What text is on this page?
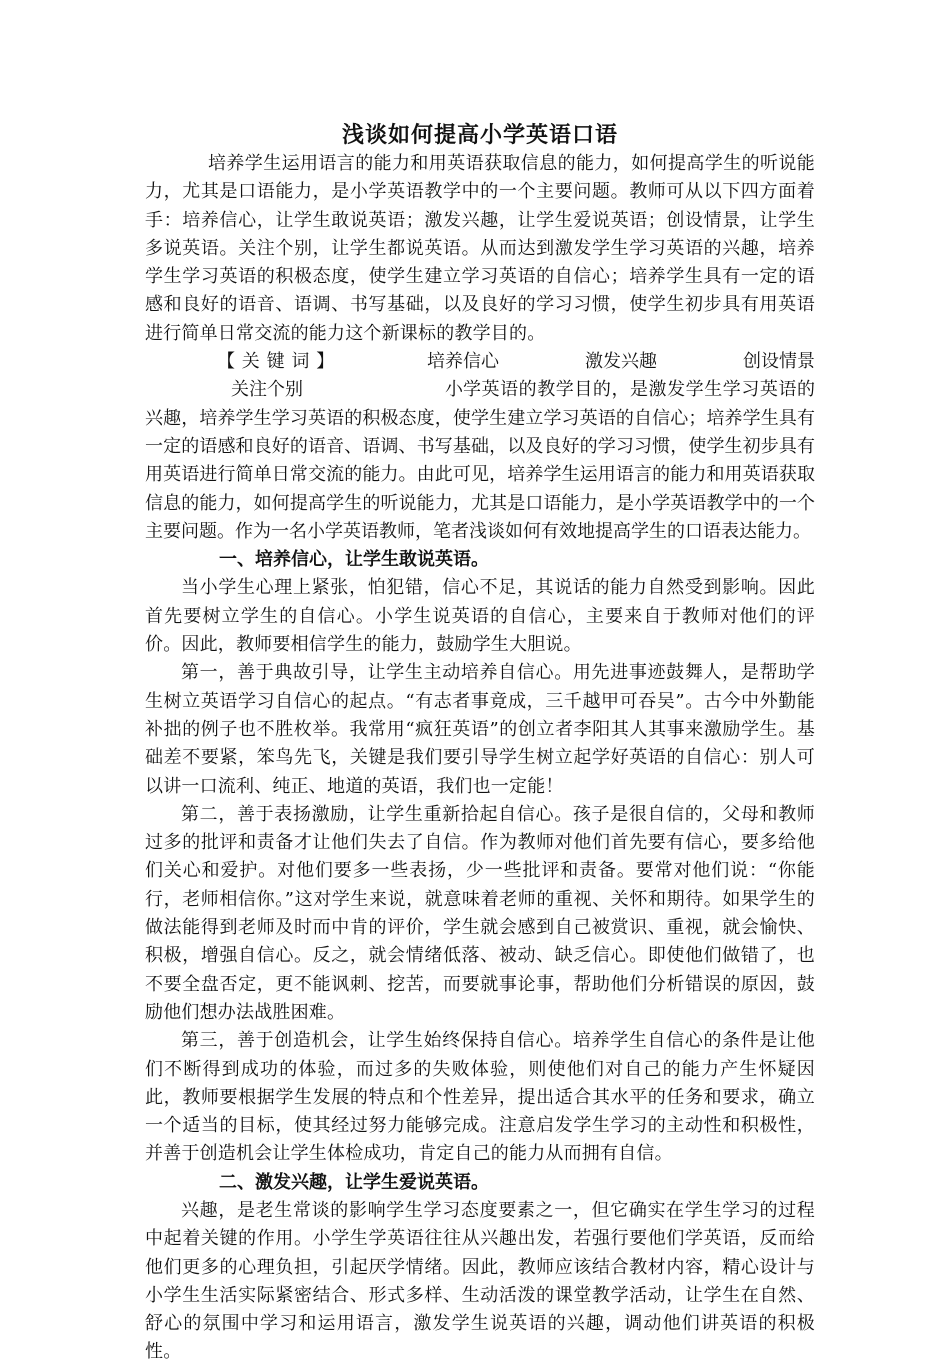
浅谈如何提高小学英语口语

培养学生运用语言的能力和用英语获取信息的能力，如何提高学生的听说能力，尤其是口语能力，是小学英语教学中的一个主要问题。教师可从以下四方面着手：培养信心，让学生敢说英语；激发兴趣，让学生爱说英语；创设情景，让学生多说英语。关注个别，让学生都说英语。从而达到激发学生学习英语的兴趣，培养学生学习英语的积极态度，使学生建立学习英语的自信心；培养学生具有一定的语感和良好的语音、语调、书写基础，以及良好的学习习惯，使学生初步具有用英语进行简单日常交流的能力这个新课标的教学目的。

【关键词】	培养信心	激发兴趣	创设情景关注个别	小学英语的教学目的，是激发学生学习英语的兴趣，培养学生学习英语的积极态度，使学生建立学习英语的自信心；培养学生具有一定的语感和良好的语音、语调、书写基础，以及良好的学习习惯，使学生初步具有用英语进行简单日常交流的能力。由此可见，培养学生运用语言的能力和用英语获取信息的能力，如何提高学生的听说能力，尤其是口语能力，是小学英语教学中的一个主要问题。作为一名小学英语教师，笔者浅谈如何有效地提高学生的口语表达能力。

一、培养信心，让学生敢说英语。

当小学生心理上紧张，怕犯错，信心不足，其说话的能力自然受到影响。因此首先要树立学生的自信心。小学生说英语的自信心，主要来自于教师对他们的评价。因此，教师要相信学生的能力，鼓励学生大胆说。

第一，善于典故引导，让学生主动培养自信心。用先进事迹鼓舞人，是帮助学生树立英语学习自信心的起点。“有志者事竟成，三千越甲可吞吴”。古今中外勤能补拙的例子也不胜枚举。我常用“疯狂英语”的创立者李阳其人其事来激励学生。基础差不要紧，笨鸟先飞，关键是我们要引导学生树立起学好英语的自信心：别人可以讲一口流利、纯正、地道的英语，我们也一定能！

第二，善于表扬激励，让学生重新拾起自信心。孩子是很自信的，父母和教师过多的批评和责备才让他们失去了自信。作为教师对他们首先要有信心，要多给他们关心和爱护。对他们要多一些表扬，少一些批评和责备。要常对他们说：“你能行，老师相信你。”这对学生来说，就意味着老师的重视、关怀和期待。如果学生的做法能得到老师及时而中肯的评价，学生就会感到自己被赏识、重视，就会愉快、积极，增强自信心。反之，就会情绪低落、被动、缺乏信心。即使他们做错了，也不要全盘否定，更不能讽刺、挖苦，而要就事论事，帮助他们分析错误的原因，鼓励他们想办法战胜困难。

第三，善于创造机会，让学生始终保持自信心。培养学生自信心的条件是让他们不断得到成功的体验，而过多的失败体验，则使他们对自己的能力产生怀疑因此，教师要根据学生发展的特点和个性差异，提出适合其水平的任务和要求，确立一个适当的目标，使其经过努力能够完成。注意启发学生学习的主动性和积极性，并善于创造机会让学生体检成功，肯定自己的能力从而拥有自信。

二、激发兴趣，让学生爱说英语。

兴趣，是老生常谈的影响学生学习态度要素之一，但它确实在学生学习的过程中起着关键的作用。小学生学英语往往从兴趣出发，若强行要他们学英语，反而给他们更多的心理负担，引起厌学情绪。因此，教师应该结合教材内容，精心设计与小学生生活实际紧密结合、形式多样、生动活泼的课堂教学活动，让学生在自然、舒心的氛围中学习和运用语言，激发学生说英语的兴趣，调动他们讲英语的积极性。
